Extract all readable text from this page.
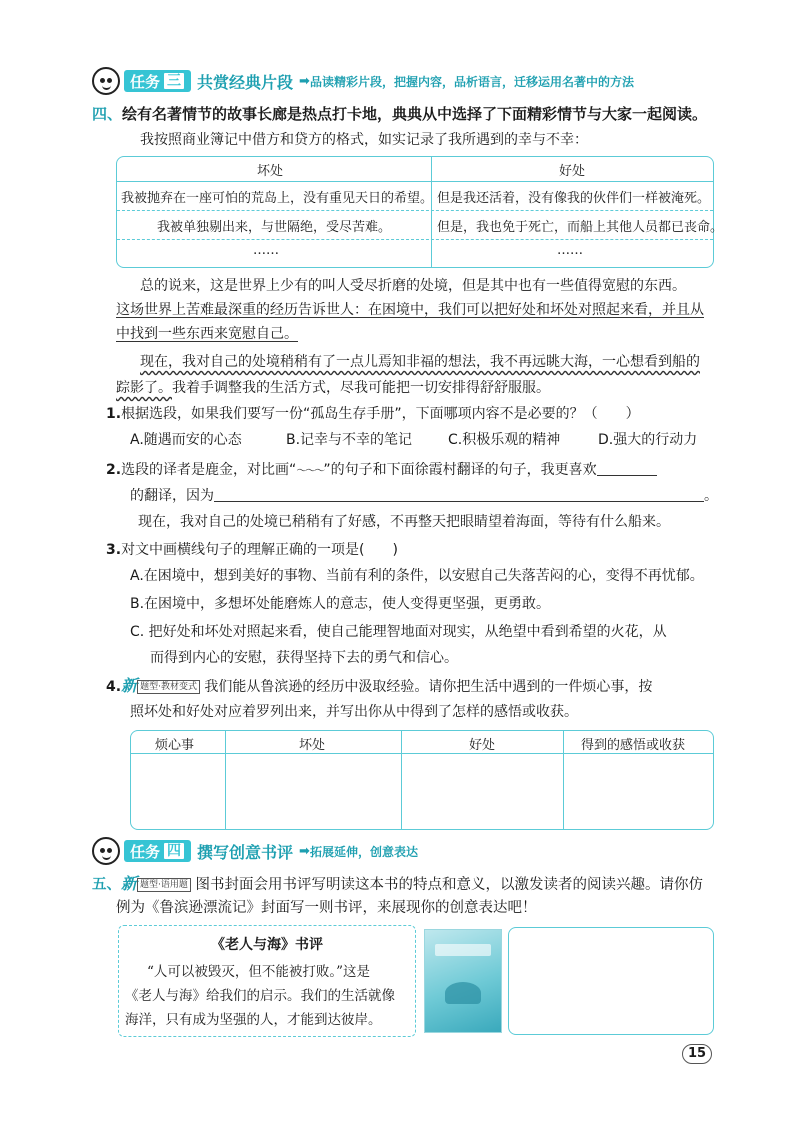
任务 三 共赏经典片段 ➡ 品读精彩片段，把握内容，品析语言，迁移运用名著中的方法
四、绘有名著情节的故事长廊是热点打卡地，典典从中选择了下面精彩情节与大家一起阅读。
我按照商业簿记中借方和贷方的格式，如实记录了我所遇到的幸与不幸：
坏处	好处
我被抛弃在一座可怕的荒岛上，没有重见天日的希望。 但是我还活着，没有像我的伙伴们一样被淹死。
我被单独剔出来，与世隔绝，受尽苦难。	但是，我也免于死亡，而船上其他人员都已丧命。
……	……
总的说来，这是世界上少有的叫人受尽折磨的处境，但是其中也有一些值得宽慰的东西。
这场世界上苦难最深重的经历告诉世人：在困境中，我们可以把好处和坏处对照起来看，并且从
中找到一些东西来宽慰自己。
现在，我对自己的处境稍稍有了一点儿焉知非福的想法，我不再远眺大海，一心想看到船的
踪影了。我着手调整我的生活方式，尽我可能把一切安排得舒舒服服。
1.根据选段，如果我们要写一份“孤岛生存手册”，下面哪项内容不是必要的？（　　）
A.随遇而安的心态	B.记幸与不幸的笔记	C.积极乐观的精神	D.强大的行动力
2.选段的译者是鹿金，对比画“～～～”的句子和下面徐霞村翻译的句子，我更喜欢
的翻译，因为	。
现在，我对自己的处境已稍稍有了好感，不再整天把眼睛望着海面，等待有什么船来。
3.对文中画横线句子的理解正确的一项是(　　)
A.在困境中，想到美好的事物、当前有利的条件，以安慰自己失落苦闷的心，变得不再忧郁。
B.在困境中，多想坏处能磨炼人的意志，使人变得更坚强，更勇敢。
C. 把好处和坏处对照起来看，使自己能理智地面对现实，从绝望中看到希望的火花，从
而得到内心的安慰，获得坚持下去的勇气和信心。
4.新 题型·教材变式 我们能从鲁滨逊的经历中汲取经验。请你把生活中遇到的一件烦心事，按
照坏处和好处对应着罗列出来，并写出你从中得到了怎样的感悟或收获。
烦心事	坏处	好处	得到的感悟或收获
任务 四 撰写创意书评 ➡ 拓展延伸，创意表达
五、新 题型·语用题 图书封面会用书评写明读这本书的特点和意义，以激发读者的阅读兴趣。请你仿
例为《鲁滨逊漂流记》封面写一则书评，来展现你的创意表达吧！
《老人与海》书评
“人可以被毁灭，但不能被打败。”这是
《老人与海》给我们的启示。我们的生活就像
海洋，只有成为坚强的人，才能到达彼岸。
15
